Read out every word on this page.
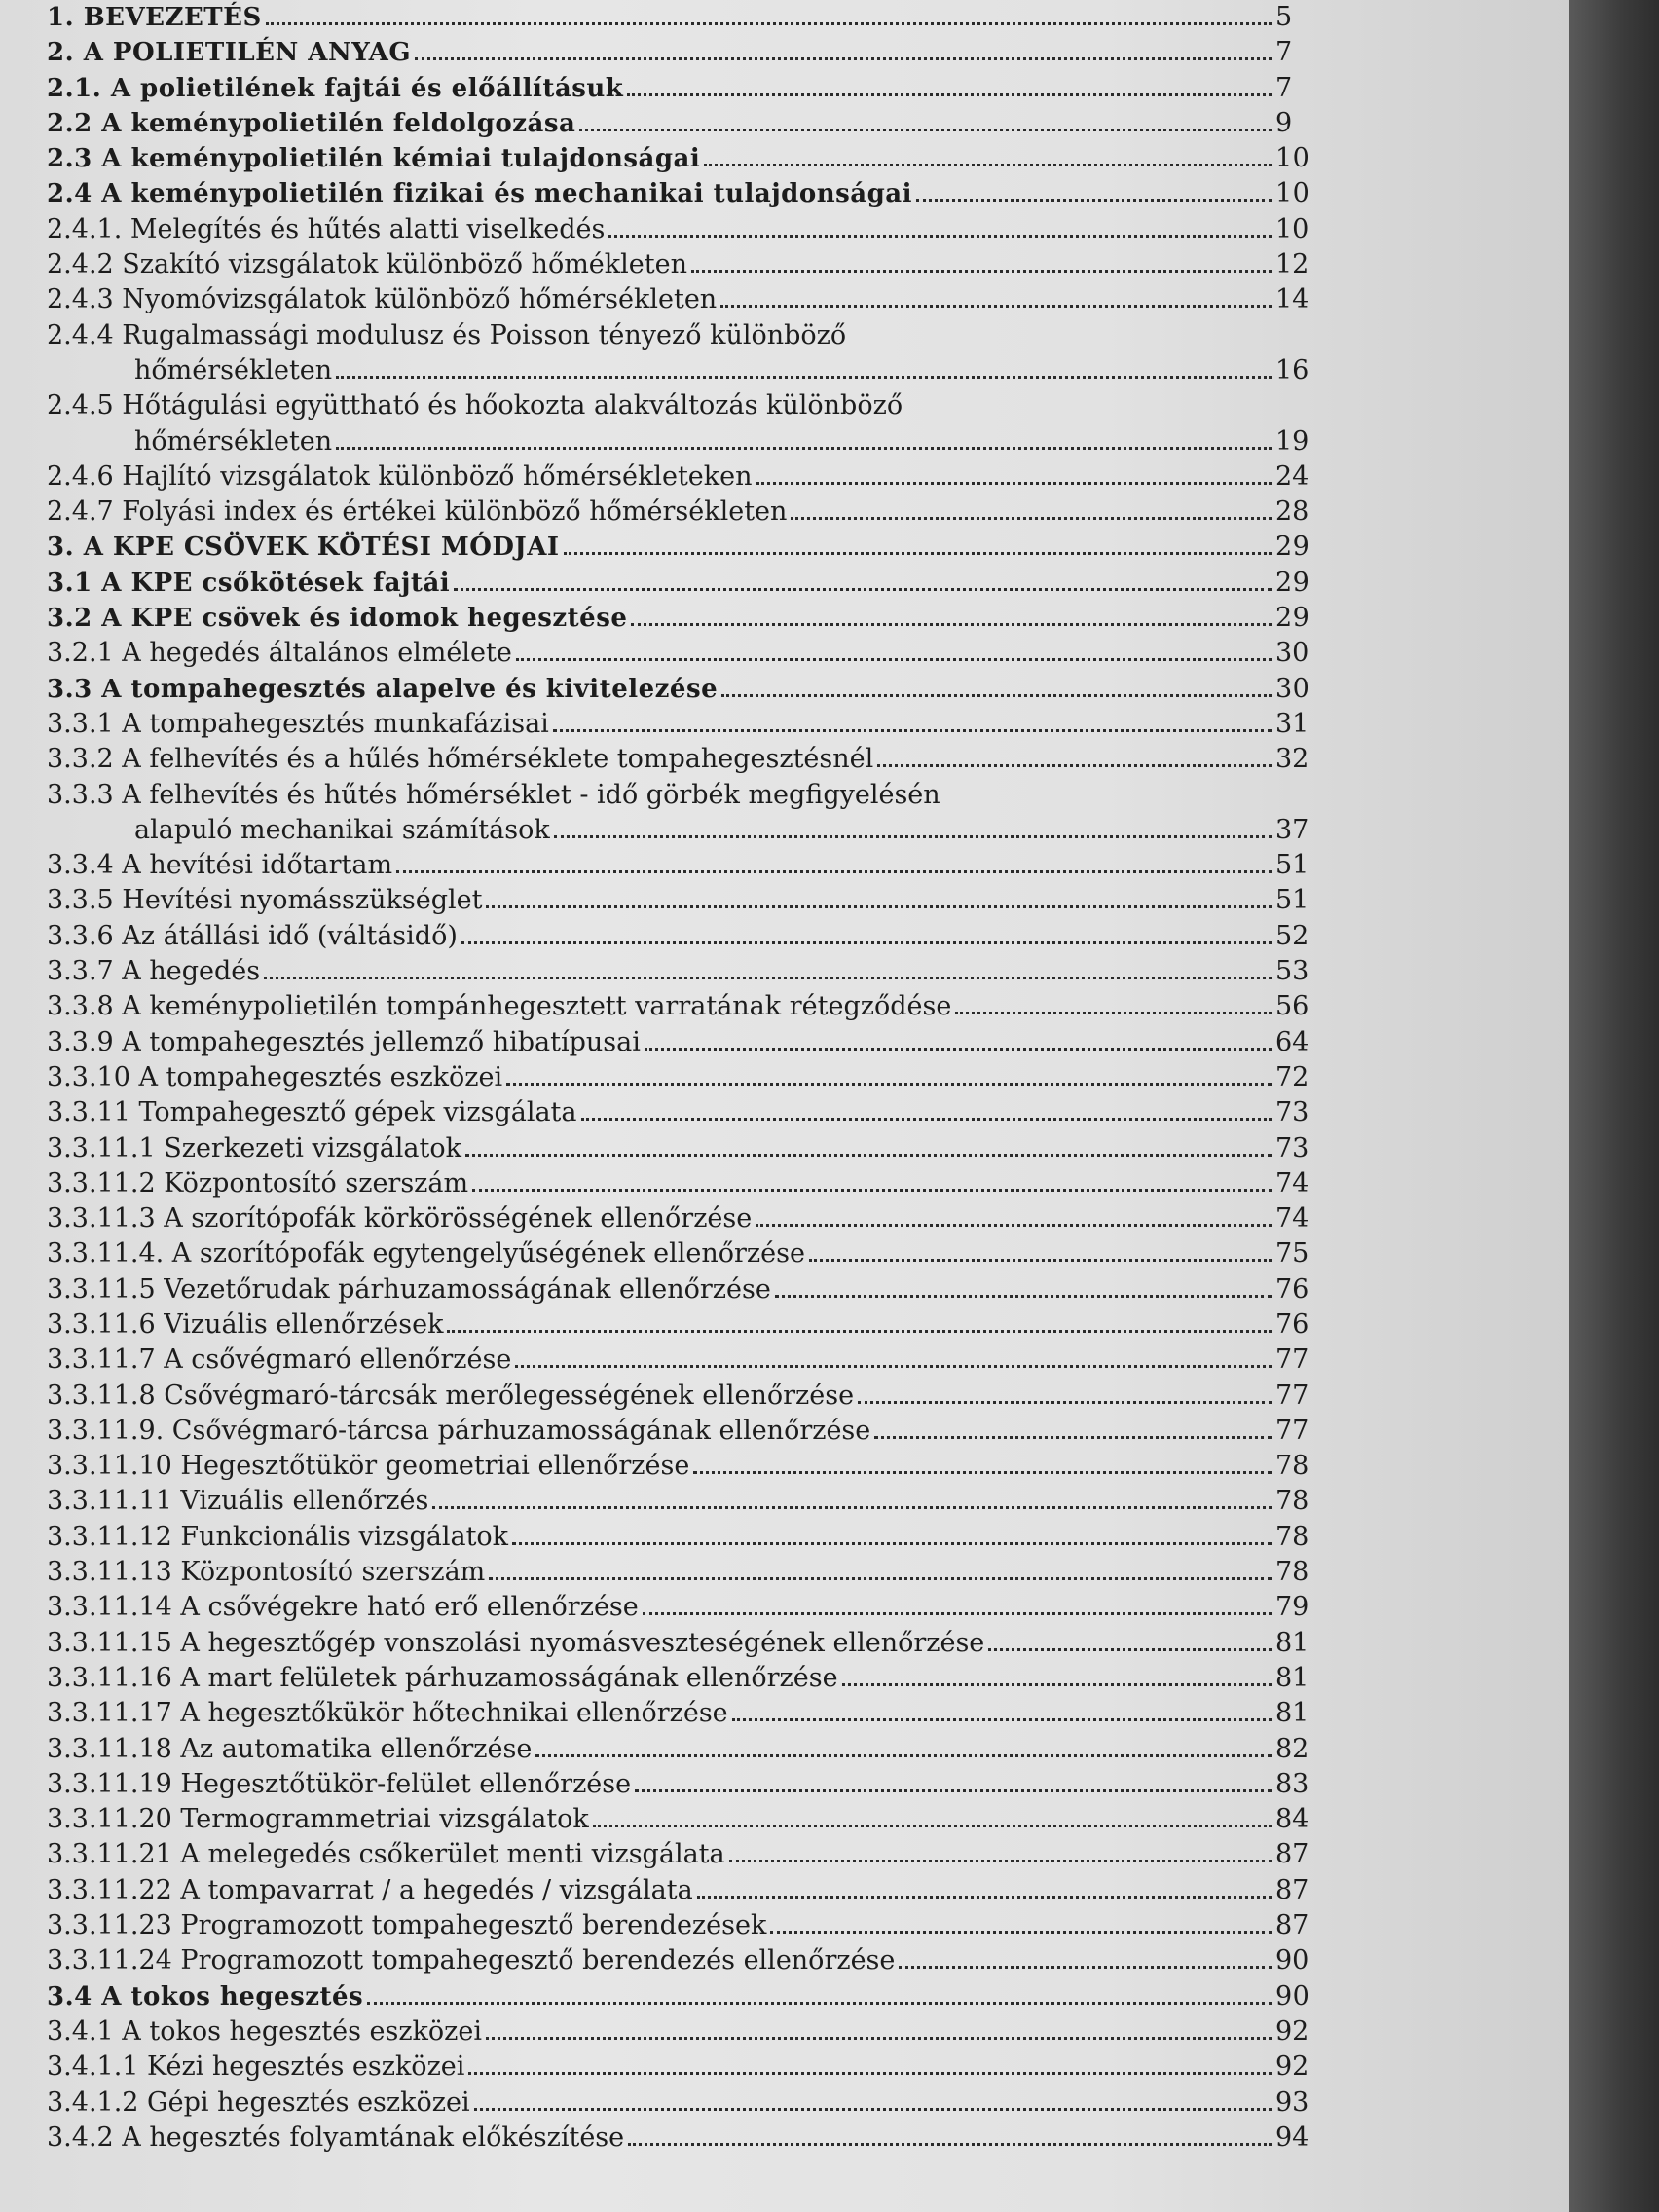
1. BEVEZETÉS	5
2. A POLIETILÉN ANYAG	7
2.1. A polietilének fajtái és előállításuk	7
2.2 A keménypolietilén feldolgozása	9
2.3 A keménypolietilén kémiai tulajdonságai	10
2.4 A keménypolietilén fizikai és mechanikai tulajdonságai	10
2.4.1. Melegítés és hűtés alatti viselkedés	10
2.4.2 Szakító vizsgálatok különböző hőmékleten	12
2.4.3 Nyomóvizsgálatok különböző hőmérsékleten	14
2.4.4 Rugalmassági modulusz és Poisson tényező különböző
hőmérsékleten	16
2.4.5 Hőtágulási együttható és hőokozta alakváltozás különböző
hőmérsékleten	19
2.4.6 Hajlító vizsgálatok különböző hőmérsékleteken	24
2.4.7 Folyási index és értékei különböző hőmérsékleten	28
3. A KPE CSÖVEK KÖTÉSI MÓDJAI	29
3.1 A KPE csőkötések fajtái	29
3.2 A KPE csövek és idomok hegesztése	29
3.2.1 A hegedés általános elmélete	30
3.3 A tompahegesztés alapelve és kivitelezése	30
3.3.1 A tompahegesztés munkafázisai	31
3.3.2 A felhevítés és a hűlés hőmérséklete tompahegesztésnél	32
3.3.3 A felhevítés és hűtés hőmérséklet - idő görbék megfigyelésén
alapuló mechanikai számítások	37
3.3.4 A hevítési időtartam	51
3.3.5 Hevítési nyomásszükséglet	51
3.3.6 Az átállási idő (váltásidő)	52
3.3.7 A hegedés	53
3.3.8 A keménypolietilén tompánhegesztett varratának rétegződése	56
3.3.9 A tompahegesztés jellemző hibatípusai	64
3.3.10 A tompahegesztés eszközei	72
3.3.11 Tompahegesztő gépek vizsgálata	73
3.3.11.1 Szerkezeti vizsgálatok	73
3.3.11.2 Központosító szerszám	74
3.3.11.3 A szorítópofák körkörösségének ellenőrzése	74
3.3.11.4. A szorítópofák egytengelyűségének ellenőrzése	75
3.3.11.5 Vezetőrudak párhuzamosságának ellenőrzése	76
3.3.11.6 Vizuális ellenőrzések	76
3.3.11.7 A csővégmaró ellenőrzése	77
3.3.11.8 Csővégmaró-tárcsák merőlegességének ellenőrzése	77
3.3.11.9. Csővégmaró-tárcsa párhuzamosságának ellenőrzése	77
3.3.11.10 Hegesztőtükör geometriai ellenőrzése	78
3.3.11.11 Vizuális ellenőrzés	78
3.3.11.12 Funkcionális vizsgálatok	78
3.3.11.13 Központosító szerszám	78
3.3.11.14 A csővégekre ható erő ellenőrzése	79
3.3.11.15 A hegesztőgép vonszolási nyomásveszteségének ellenőrzése	81
3.3.11.16 A mart felületek párhuzamosságának ellenőrzése	81
3.3.11.17 A hegesztőkükör hőtechnikai ellenőrzése	81
3.3.11.18 Az automatika ellenőrzése	82
3.3.11.19 Hegesztőtükör-felület ellenőrzése	83
3.3.11.20 Termogrammetriai vizsgálatok	84
3.3.11.21 A melegedés csőkerület menti vizsgálata	87
3.3.11.22 A tompavarrat / a hegedés / vizsgálata	87
3.3.11.23 Programozott tompahegesztő berendezések	87
3.3.11.24 Programozott tompahegesztő berendezés ellenőrzése	90
3.4 A tokos hegesztés	90
3.4.1 A tokos hegesztés eszközei	92
3.4.1.1 Kézi hegesztés eszközei	92
3.4.1.2 Gépi hegesztés eszközei	93
3.4.2 A hegesztés folyamtának előkészítése	94
